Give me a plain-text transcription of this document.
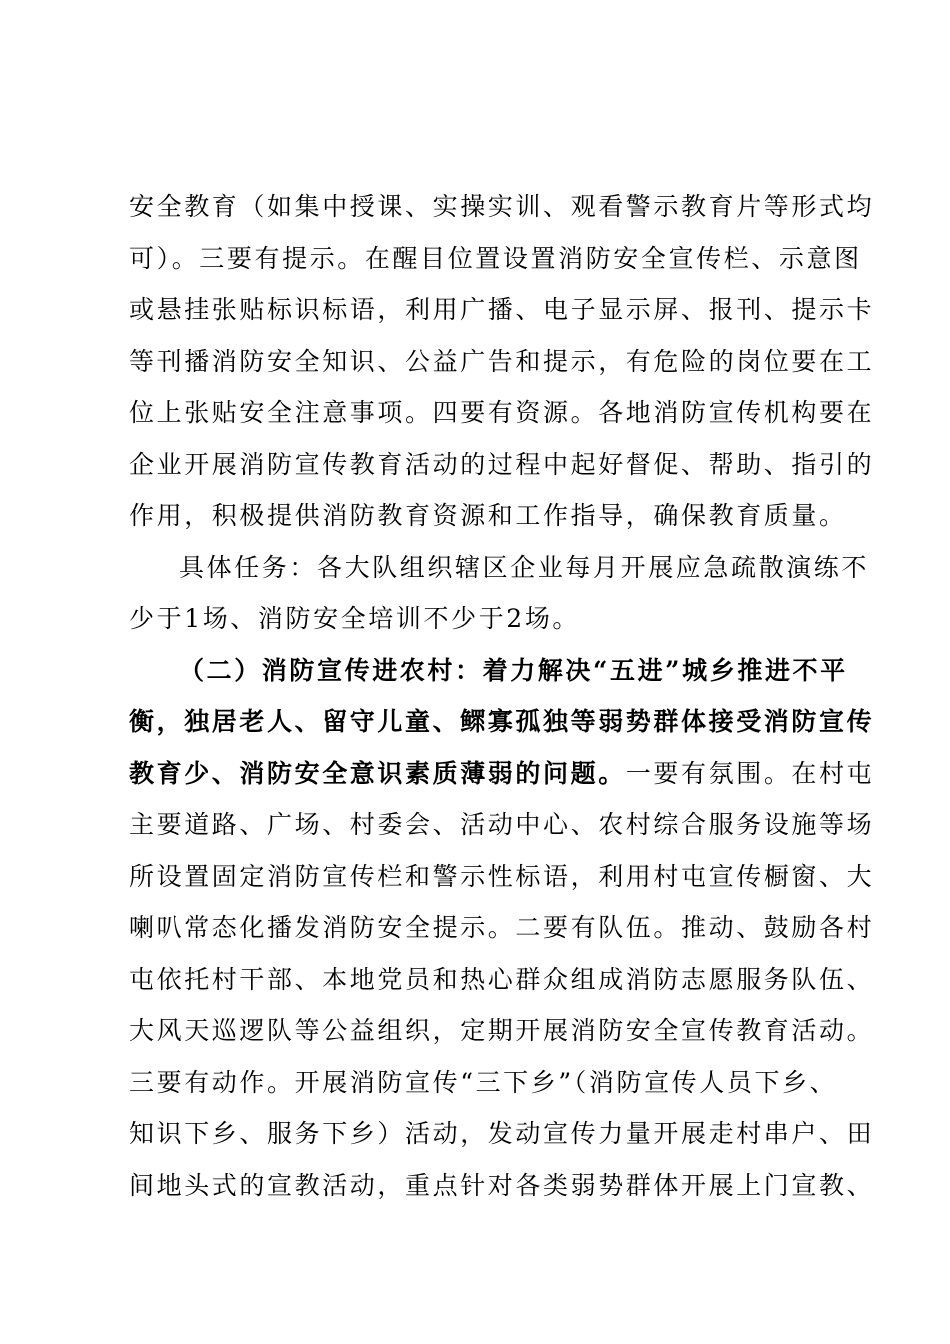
安全教育（如集中授课、实操实训、观看警示教育片等形式均
可）。三要有提示。在醒目位置设置消防安全宣传栏、示意图
或悬挂张贴标识标语，利用广播、电子显示屏、报刊、提示卡
等刊播消防安全知识、公益广告和提示，有危险的岗位要在工
位上张贴安全注意事项。四要有资源。各地消防宣传机构要在
企业开展消防宣传教育活动的过程中起好督促、帮助、指引的
作用，积极提供消防教育资源和工作指导，确保教育质量。
具体任务：各大队组织辖区企业每月开展应急疏散演练不
少于1场、消防安全培训不少于2场。
（二）消防宣传进农村：着力解决“五进”城乡推进不平
衡，独居老人、留守儿童、鳏寡孤独等弱势群体接受消防宣传
教育少、消防安全意识素质薄弱的问题。一要有氛围。在村屯
主要道路、广场、村委会、活动中心、农村综合服务设施等场
所设置固定消防宣传栏和警示性标语，利用村屯宣传橱窗、大
喇叭常态化播发消防安全提示。二要有队伍。推动、鼓励各村
屯依托村干部、本地党员和热心群众组成消防志愿服务队伍、
大风天巡逻队等公益组织，定期开展消防安全宣传教育活动。
三要有动作。开展消防宣传“三下乡”（消防宣传人员下乡、
知识下乡、服务下乡）活动，发动宣传力量开展走村串户、田
间地头式的宣教活动，重点针对各类弱势群体开展上门宣教、
